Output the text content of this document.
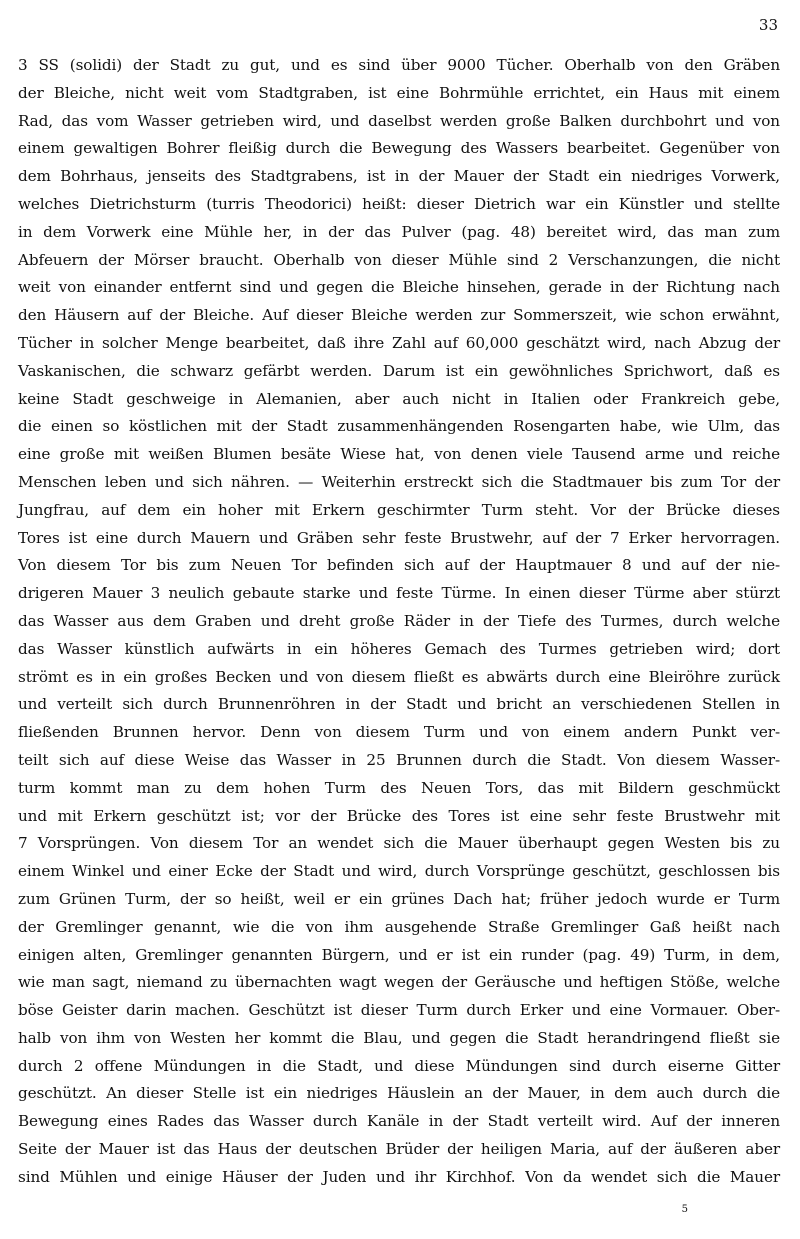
33
3 SS (solidi) der Stadt zu gut, und es sind über 9000 Tücher. Oberhalb von den Gräben
der Bleiche, nicht weit vom Stadtgraben, ist eine Bohrmühle errichtet, ein Haus mit einem
Rad, das vom Wasser getrieben wird, und daselbst werden große Balken durchbohrt und von
einem gewaltigen Bohrer fleißig durch die Bewegung des Wassers bearbeitet. Gegenüber von
dem Bohrhaus, jenseits des Stadtgrabens, ist in der Mauer der Stadt ein niedriges Vorwerk,
welches Dietrichsturm (turris Theodorici) heißt: dieser Dietrich war ein Künstler und stellte
in dem Vorwerk eine Mühle her, in der das Pulver (pag. 48) bereitet wird, das man zum
Abfeuern der Mörser braucht. Oberhalb von dieser Mühle sind 2 Verschanzungen, die nicht
weit von einander entfernt sind und gegen die Bleiche hinsehen, gerade in der Richtung nach
den Häusern auf der Bleiche. Auf dieser Bleiche werden zur Sommerszeit, wie schon erwähnt,
Tücher in solcher Menge bearbeitet, daß ihre Zahl auf 60,000 geschätzt wird, nach Abzug der
Vaskanischen, die schwarz gefärbt werden. Darum ist ein gewöhnliches Sprichwort, daß es
keine Stadt geschweige in Alemanien, aber auch nicht in Italien oder Frankreich gebe,
die einen so köstlichen mit der Stadt zusammenhängenden Rosengarten habe, wie Ulm, das
eine große mit weißen Blumen besäte Wiese hat, von denen viele Tausend arme und reiche
Menschen leben und sich nähren. — Weiterhin erstreckt sich die Stadtmauer bis zum Tor der
Jungfrau, auf dem ein hoher mit Erkern geschirmter Turm steht. Vor der Brücke dieses
Tores ist eine durch Mauern und Gräben sehr feste Brustwehr, auf der 7 Erker hervorragen.
Von diesem Tor bis zum Neuen Tor befinden sich auf der Hauptmauer 8 und auf der nie-
drigeren Mauer 3 neulich gebaute starke und feste Türme. In einen dieser Türme aber stürzt
das Wasser aus dem Graben und dreht große Räder in der Tiefe des Turmes, durch welche
das Wasser künstlich aufwärts in ein höheres Gemach des Turmes getrieben wird; dort
strömt es in ein großes Becken und von diesem fließt es abwärts durch eine Bleiröhre zurück
und verteilt sich durch Brunnenröhren in der Stadt und bricht an verschiedenen Stellen in
fließenden Brunnen hervor. Denn von diesem Turm und von einem andern Punkt ver-
teilt sich auf diese Weise das Wasser in 25 Brunnen durch die Stadt. Von diesem Wasser-
turm kommt man zu dem hohen Turm des Neuen Tors, das mit Bildern geschmückt
und mit Erkern geschützt ist; vor der Brücke des Tores ist eine sehr feste Brustwehr mit
7 Vorsprüngen. Von diesem Tor an wendet sich die Mauer überhaupt gegen Westen bis zu
einem Winkel und einer Ecke der Stadt und wird, durch Vorsprünge geschützt, geschlossen bis
zum Grünen Turm, der so heißt, weil er ein grünes Dach hat; früher jedoch wurde er Turm
der Gremlinger genannt, wie die von ihm ausgehende Straße Gremlinger Gaß heißt nach
einigen alten, Gremlinger genannten Bürgern, und er ist ein runder (pag. 49) Turm, in dem,
wie man sagt, niemand zu übernachten wagt wegen der Geräusche und heftigen Stöße, welche
böse Geister darin machen. Geschützt ist dieser Turm durch Erker und eine Vormauer. Ober-
halb von ihm von Westen her kommt die Blau, und gegen die Stadt herandringend fließt sie
durch 2 offene Mündungen in die Stadt, und diese Mündungen sind durch eiserne Gitter
geschützt. An dieser Stelle ist ein niedriges Häuslein an der Mauer, in dem auch durch die
Bewegung eines Rades das Wasser durch Kanäle in der Stadt verteilt wird. Auf der inneren
Seite der Mauer ist das Haus der deutschen Brüder der heiligen Maria, auf der äußeren aber
sind Mühlen und einige Häuser der Juden und ihr Kirchhof. Von da wendet sich die Mauer
5
